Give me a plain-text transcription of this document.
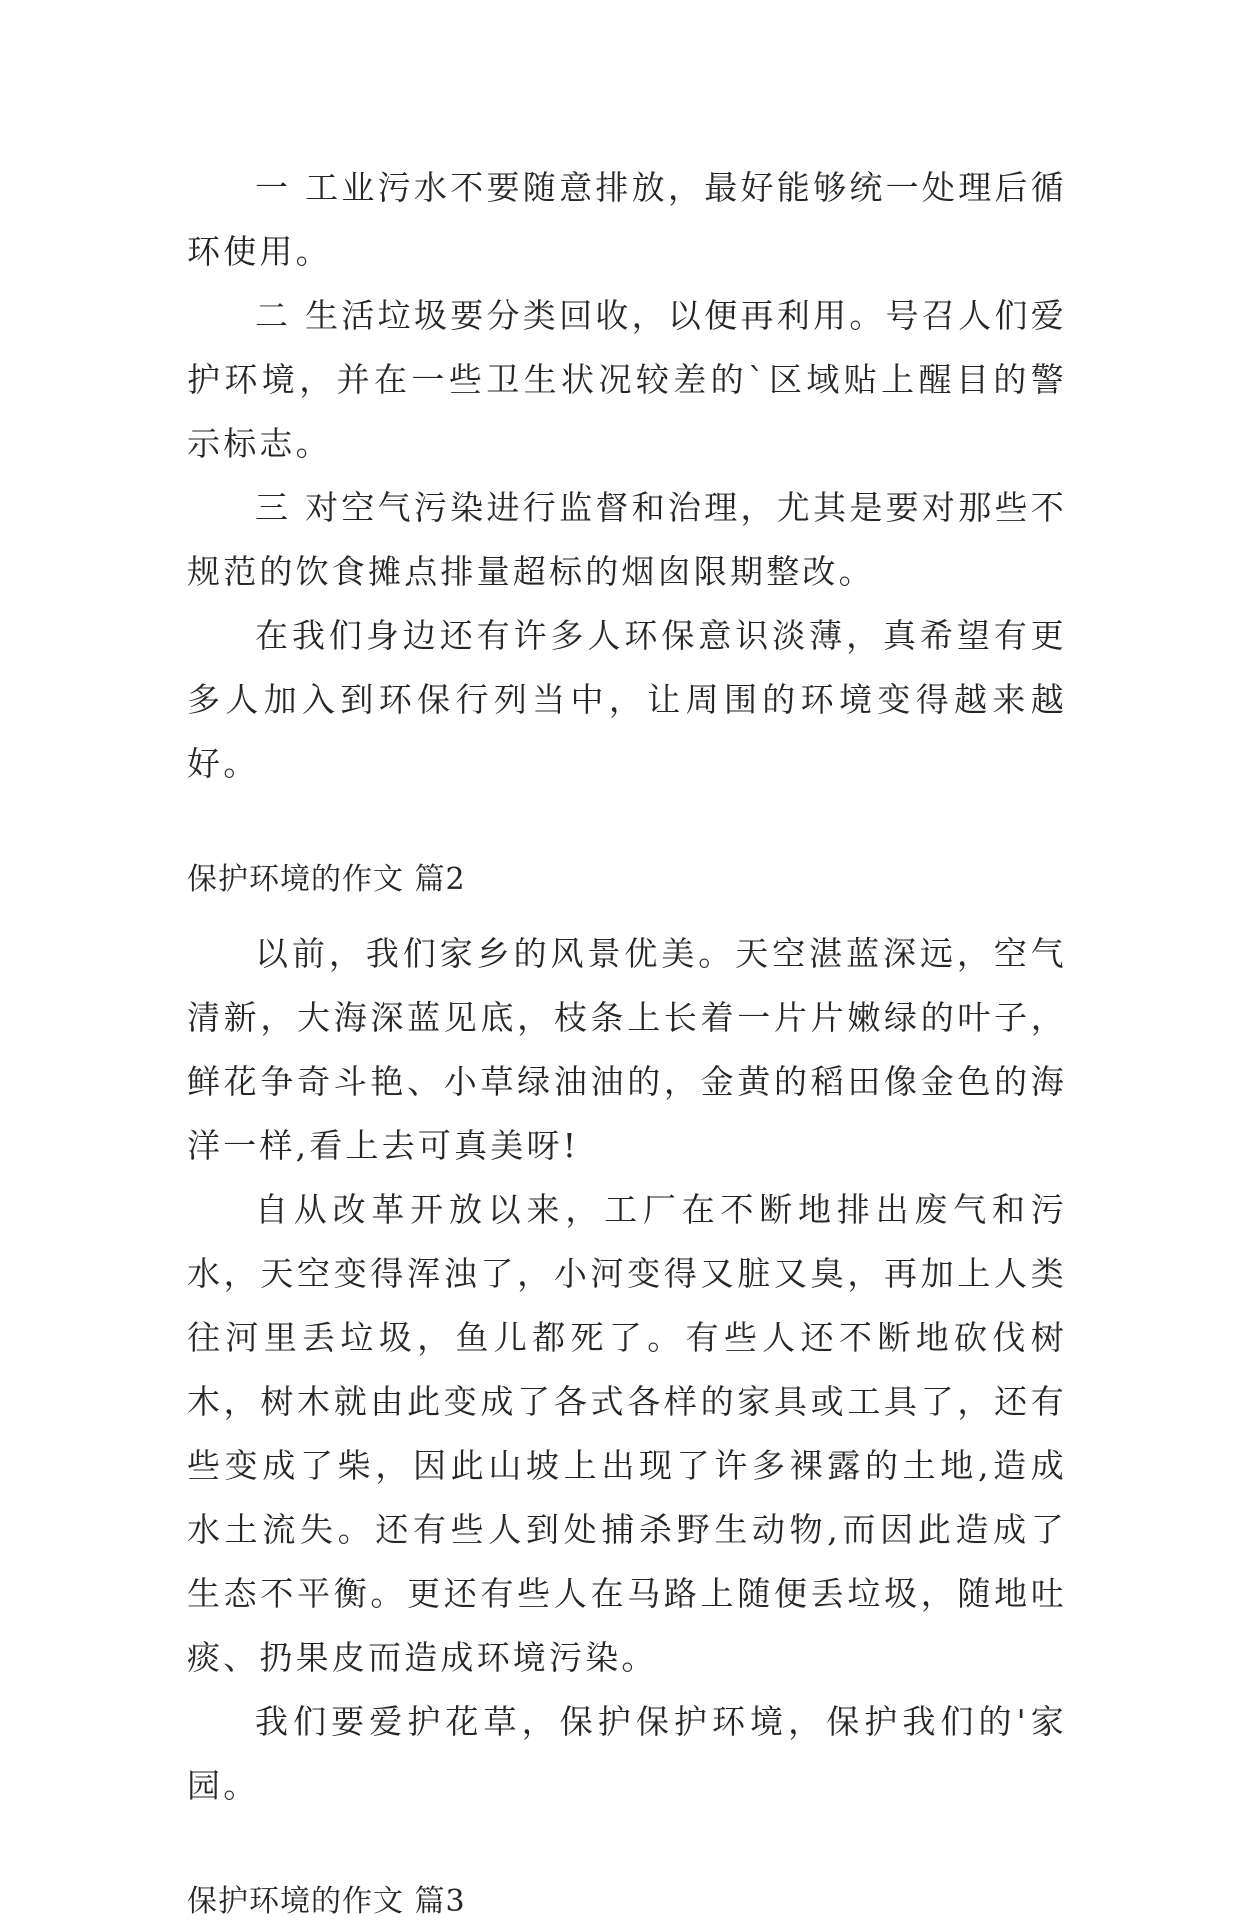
一 工业污水不要随意排放，最好能够统一处理后循环使用。

二 生活垃圾要分类回收，以便再利用。号召人们爱护环境，并在一些卫生状况较差的`区域贴上醒目的警示标志。

三 对空气污染进行监督和治理，尤其是要对那些不规范的饮食摊点排量超标的烟囱限期整改。

在我们身边还有许多人环保意识淡薄，真希望有更多人加入到环保行列当中，让周围的环境变得越来越好。

保护环境的作文 篇2

以前，我们家乡的风景优美。天空湛蓝深远，空气清新，大海深蓝见底，枝条上长着一片片嫩绿的叶子，鲜花争奇斗艳、小草绿油油的，金黄的稻田像金色的海洋一样,看上去可真美呀!

自从改革开放以来，工厂在不断地排出废气和污水，天空变得浑浊了，小河变得又脏又臭，再加上人类往河里丢垃圾，鱼儿都死了。有些人还不断地砍伐树木，树木就由此变成了各式各样的家具或工具了，还有些变成了柴，因此山坡上出现了许多裸露的土地,造成水土流失。还有些人到处捕杀野生动物,而因此造成了生态不平衡。更还有些人在马路上随便丢垃圾，随地吐痰、扔果皮而造成环境污染。

我们要爱护花草，保护保护环境，保护我们的'家园。

保护环境的作文 篇3
